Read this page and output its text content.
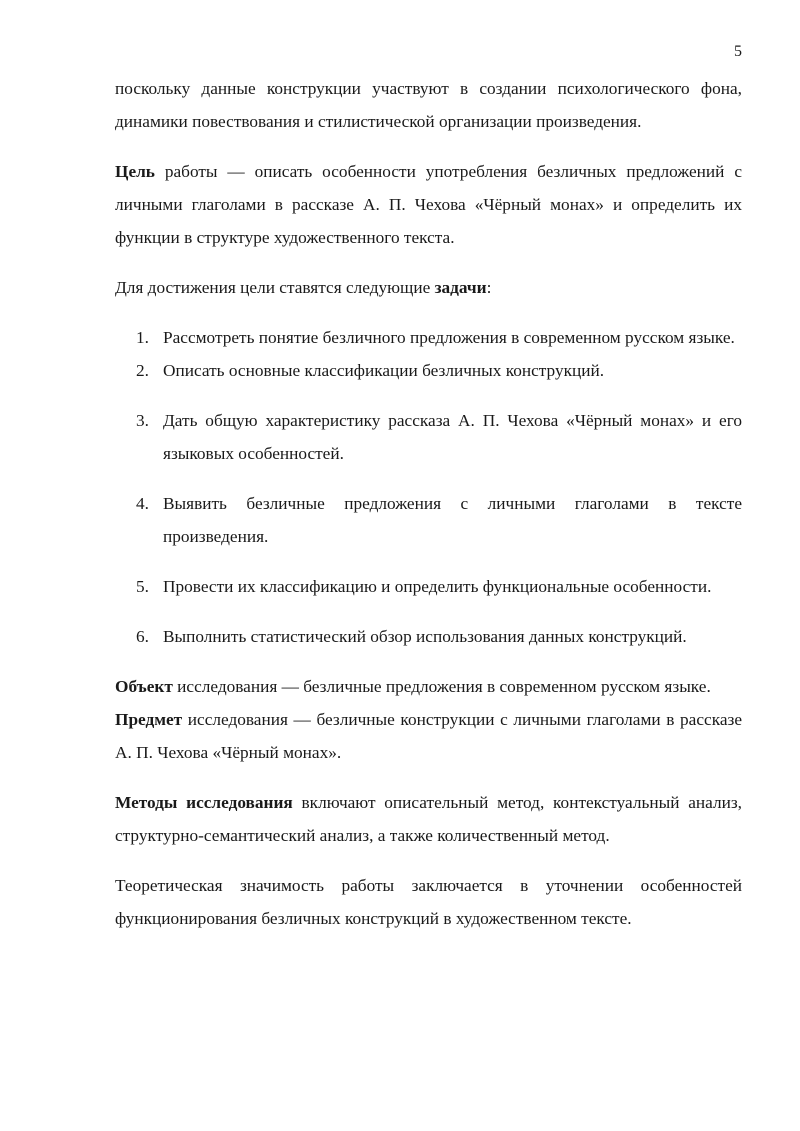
5

поскольку данные конструкции участвуют в создании психологического фона, динамики повествования и стилистической организации произведения.

Цель работы — описать особенности употребления безличных предложений с личными глаголами в рассказе А. П. Чехова «Чёрный монах» и определить их функции в структуре художественного текста.

Для достижения цели ставятся следующие задачи:

1. Рассмотреть понятие безличного предложения в современном русском языке.
2. Описать основные классификации безличных конструкций.
3. Дать общую характеристику рассказа А. П. Чехова «Чёрный монах» и его языковых особенностей.
4. Выявить безличные предложения с личными глаголами в тексте произведения.
5. Провести их классификацию и определить функциональные особенности.
6. Выполнить статистический обзор использования данных конструкций.

Объект исследования — безличные предложения в современном русском языке.

Предмет исследования — безличные конструкции с личными глаголами в рассказе А. П. Чехова «Чёрный монах».

Методы исследования включают описательный метод, контекстуальный анализ, структурно-семантический анализ, а также количественный метод.

Теоретическая значимость работы заключается в уточнении особенностей функционирования безличных конструкций в художественном тексте.
